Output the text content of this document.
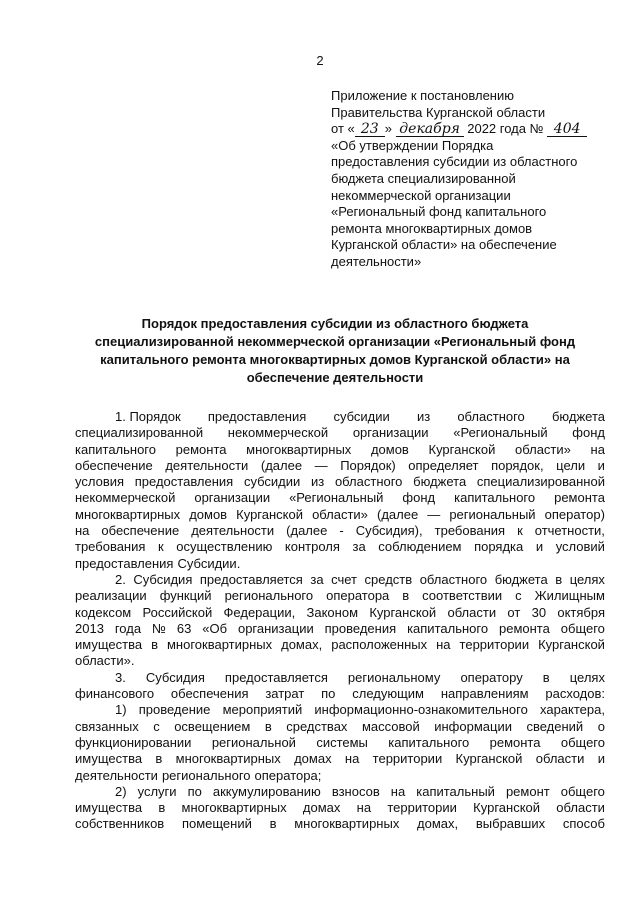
2
Приложение к постановлению
Правительства Курганской области
от « 23 » декабря 2022 года № 404
«Об утверждении Порядка
предоставления субсидии из областного
бюджета специализированной
некоммерческой организации
«Региональный фонд капитального
ремонта многоквартирных домов
Курганской области» на обеспечение
деятельности»
Порядок предоставления субсидии из областного бюджета
специализированной некоммерческой организации «Региональный фонд
капитального ремонта многоквартирных домов Курганской области» на
обеспечение деятельности
1. Порядок предоставления субсидии из областного бюджета
специализированной некоммерческой организации «Региональный фонд
капитального ремонта многоквартирных домов Курганской области» на
обеспечение деятельности (далее — Порядок) определяет порядок, цели и
условия предоставления субсидии из областного бюджета специализированной
некоммерческой организации «Региональный фонд капитального ремонта
многоквартирных домов Курганской области» (далее — региональный оператор)
на обеспечение деятельности (далее - Субсидия), требования к отчетности,
требования к осуществлению контроля за соблюдением порядка и условий
предоставления Субсидии.
2. Субсидия предоставляется за счет средств областного бюджета в целях
реализации функций регионального оператора в соответствии с Жилищным
кодексом Российской Федерации, Законом Курганской области от 30 октября
2013 года № 63 «Об организации проведения капитального ремонта общего
имущества в многоквартирных домах, расположенных на территории Курганской
области».
3. Субсидия предоставляется региональному оператору в целях
финансового обеспечения затрат по следующим направлениям расходов:
1) проведение мероприятий информационно-ознакомительного характера,
связанных с освещением в средствах массовой информации сведений о
функционировании региональной системы капитального ремонта общего
имущества в многоквартирных домах на территории Курганской области и
деятельности регионального оператора;
2) услуги по аккумулированию взносов на капитальный ремонт общего
имущества в многоквартирных домах на территории Курганской области
собственников помещений в многоквартирных домах, выбравших способ
